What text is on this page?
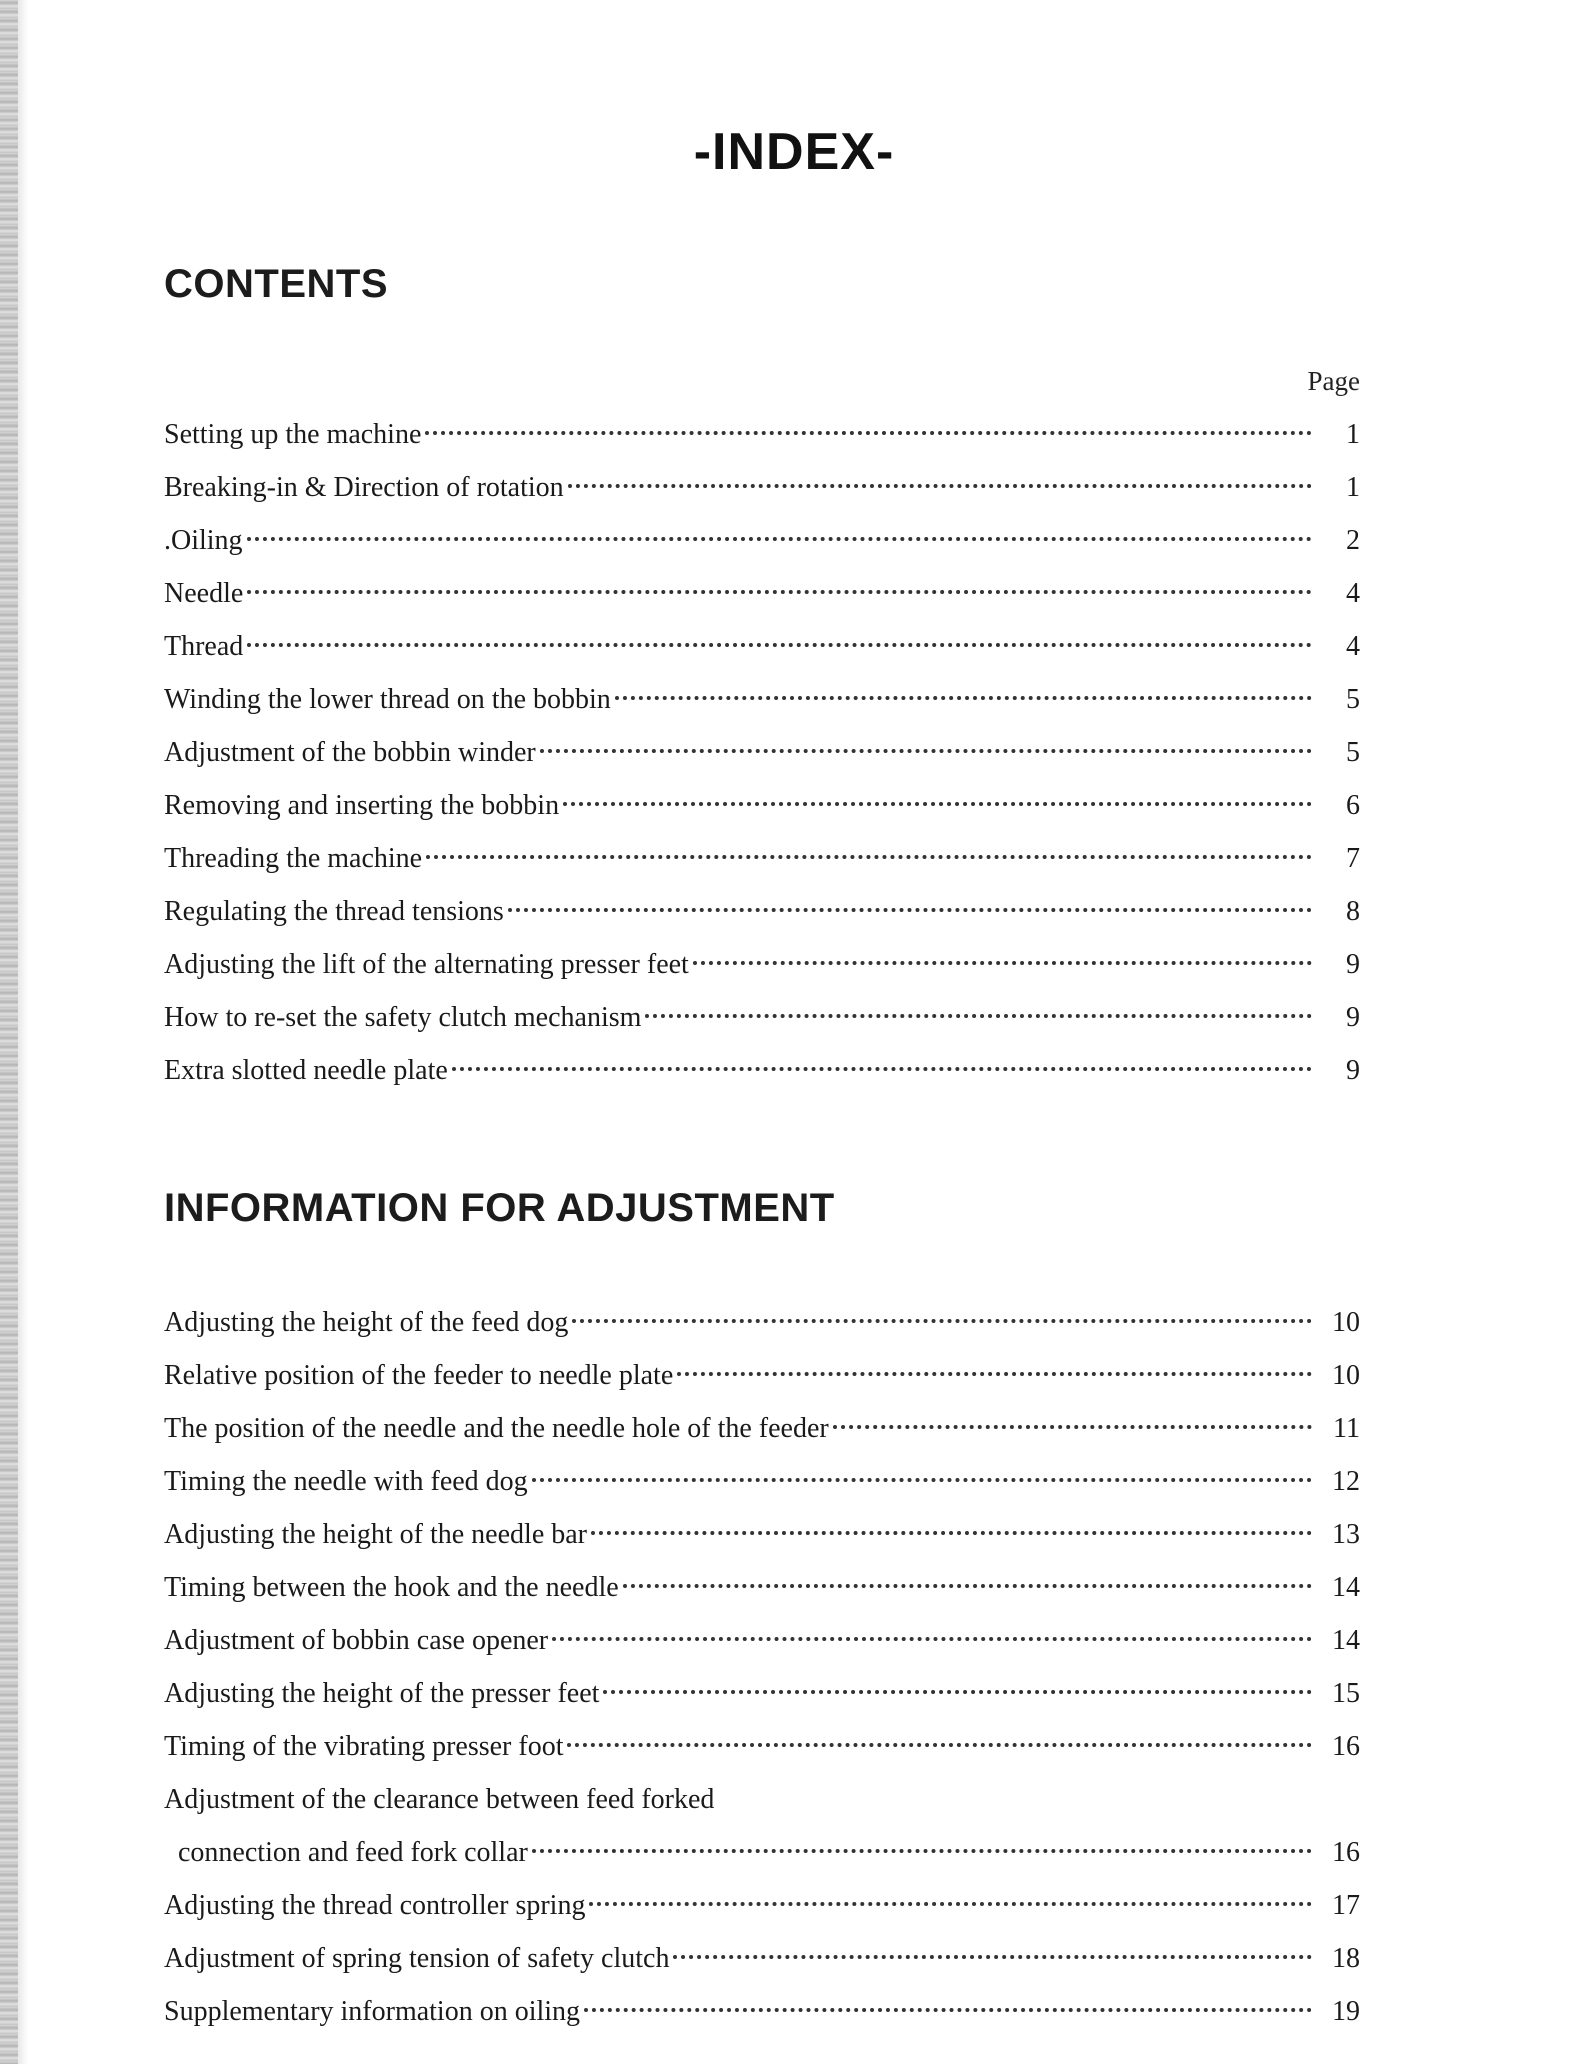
-INDEX-
CONTENTS
Page
Setting up the machine	1
Breaking-in & Direction of rotation	1
.Oiling	2
Needle	4
Thread	4
Winding the lower thread on the bobbin	5
Adjustment of the bobbin winder	5
Removing and inserting the bobbin	6
Threading the machine	7
Regulating the thread tensions	8
Adjusting the lift of the alternating presser feet	9
How to re-set the safety clutch mechanism	9
Extra slotted needle plate	9
INFORMATION FOR ADJUSTMENT
Adjusting the height of the feed dog	10
Relative position of the feeder to needle plate	10
The position of the needle and the needle hole of the feeder	11
Timing the needle with feed dog	12
Adjusting the height of the needle bar	13
Timing between the hook and the needle	14
Adjustment of bobbin case opener	14
Adjusting the height of the presser feet	15
Timing of the vibrating presser foot	16
Adjustment of the clearance between feed forked
connection and feed fork collar	16
Adjusting the thread controller spring	17
Adjustment of spring tension of safety clutch	18
Supplementary information on oiling	19
